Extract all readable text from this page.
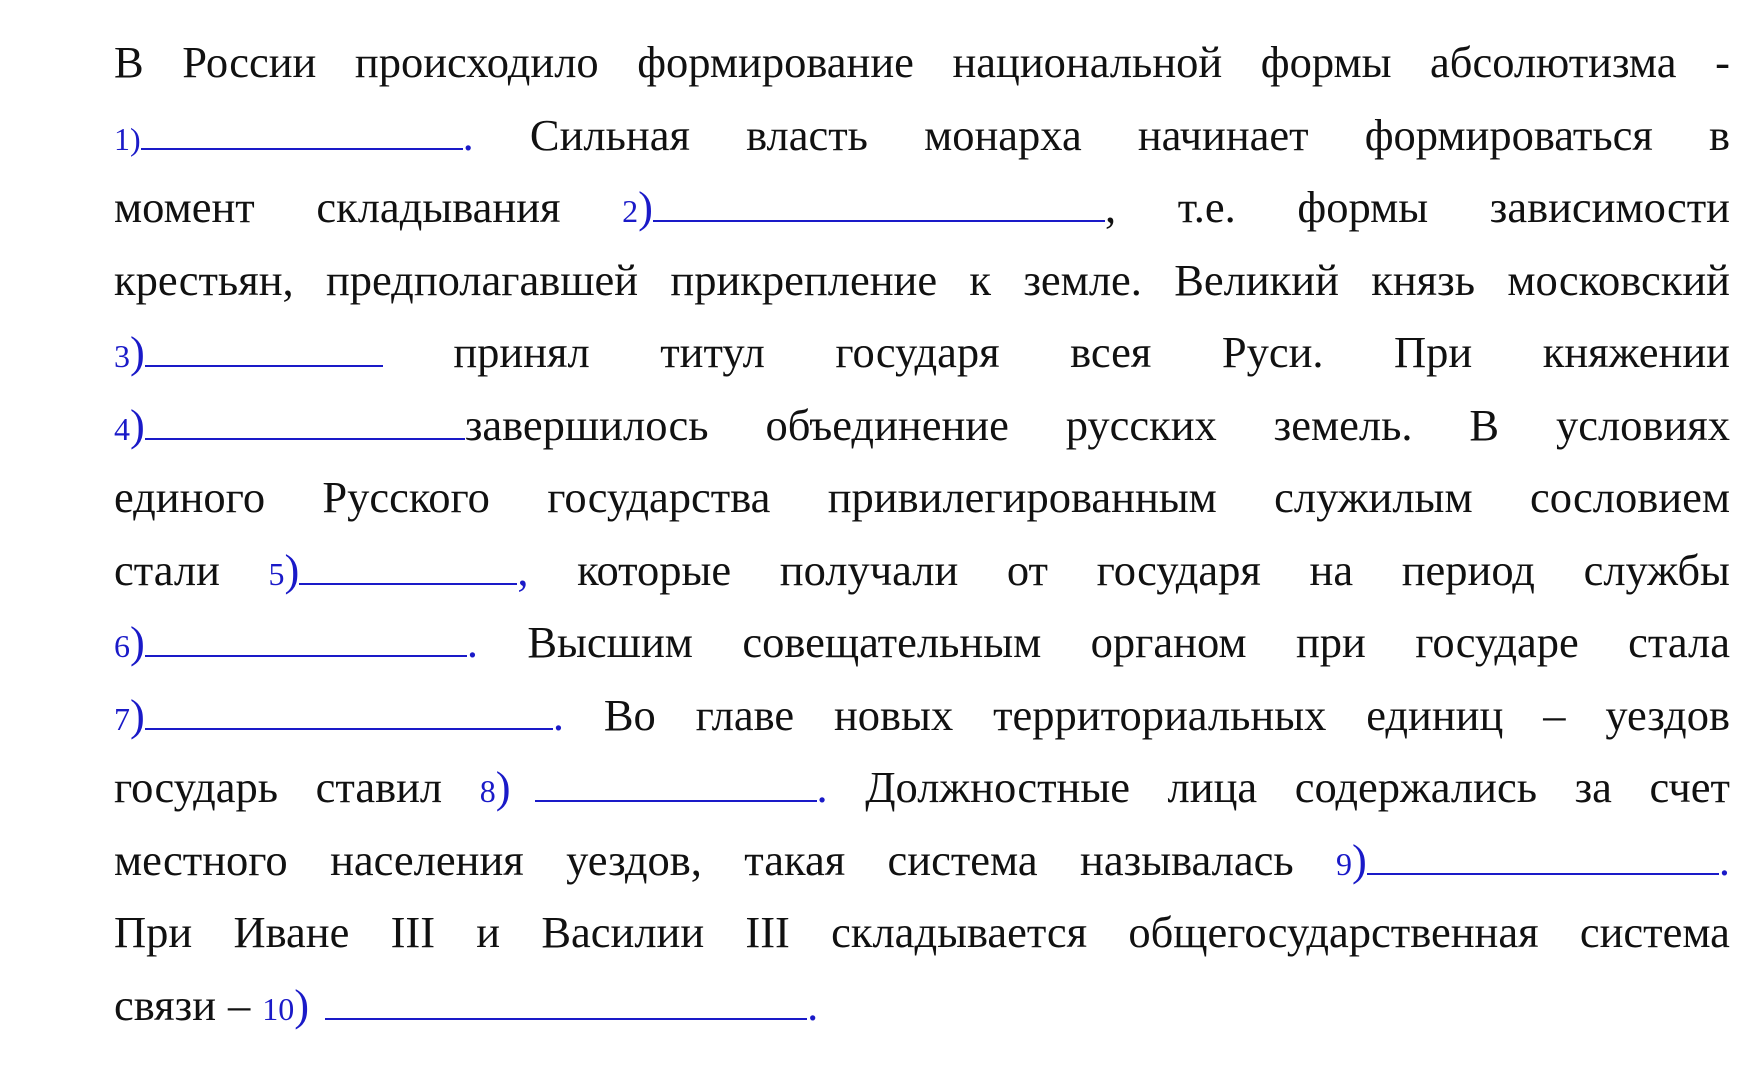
В России происходило формирование национальной формы абсолютизма -
1)	. Сильная власть монарха начинает формироваться в
момент складывания 2)	, т.е. формы зависимости
крестьян, предполагавшей прикрепление к земле. Великий князь московский
3)	принял титул государя всея Руси. При княжении
4)	завершилось объединение русских земель. В условиях
единого Русского государства привилегированным служилым сословием
стали 5)	, которые получали от государя на период службы
6)	. Высшим совещательным органом при государе стала
7)	. Во главе новых территориальных единиц – уездов
государь ставил 8)	. Должностные лица содержались за счет
местного населения уездов, такая система называлась 9)	.
При Иване III и Василии III складывается общегосударственная система
связи – 10)	.
